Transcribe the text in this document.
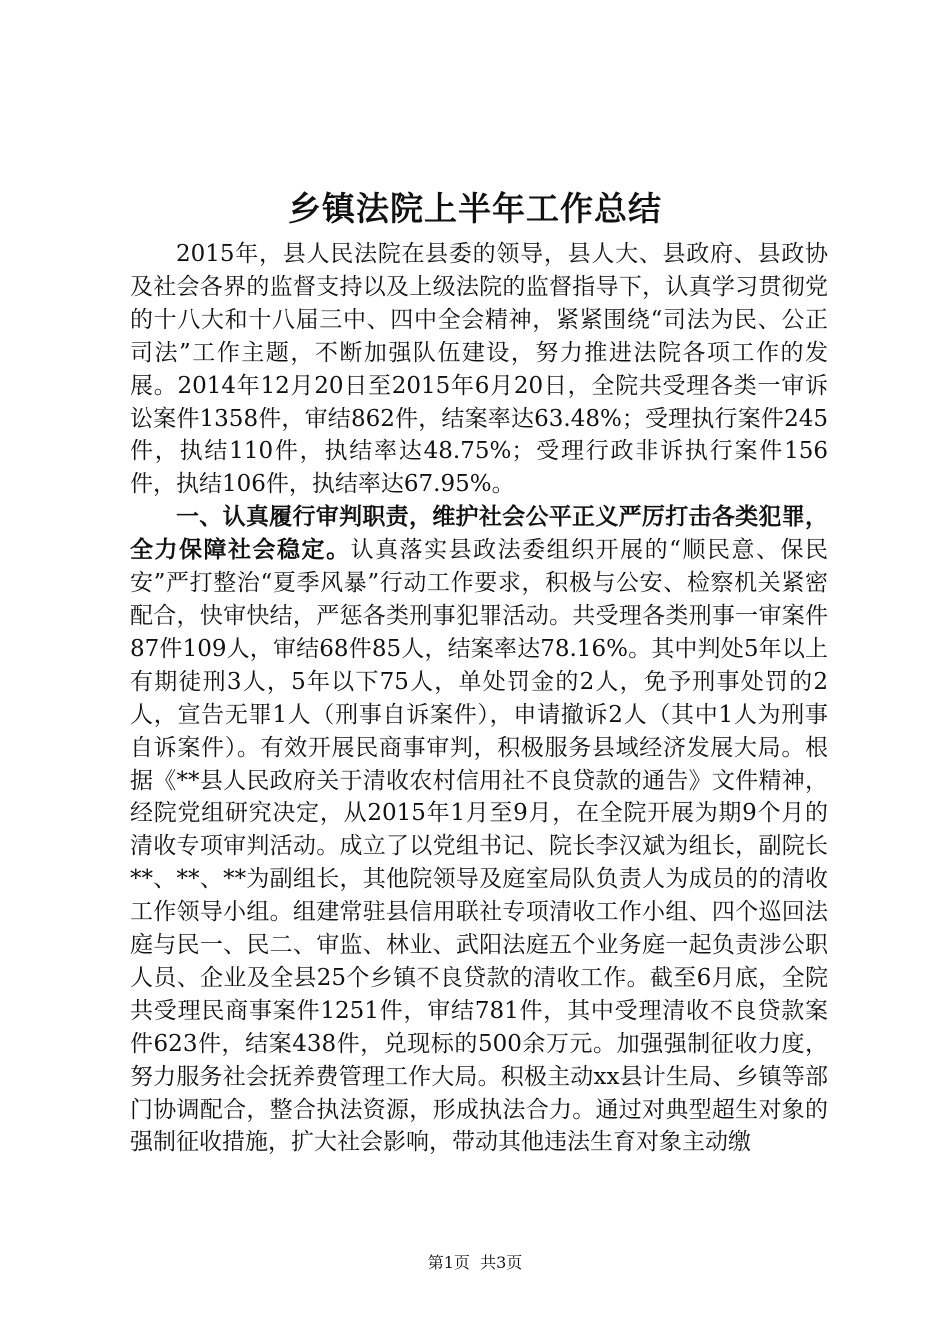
乡镇法院上半年工作总结

2015年，县人民法院在县委的领导，县人大、县政府、县政协及社会各界的监督支持以及上级法院的监督指导下，认真学习贯彻党的十八大和十八届三中、四中全会精神，紧紧围绕“司法为民、公正司法”工作主题，不断加强队伍建设，努力推进法院各项工作的发展。2014年12月20日至2015年6月20日，全院共受理各类一审诉讼案件1358件，审结862件，结案率达63.48%；受理执行案件245件，执结110件，执结率达48.75%；受理行政非诉执行案件156件，执结106件，执结率达67.95%。

一、认真履行审判职责，维护社会公平正义严厉打击各类犯罪，全力保障社会稳定。认真落实县政法委组织开展的“顺民意、保民安”严打整治“夏季风暴”行动工作要求，积极与公安、检察机关紧密配合，快审快结，严惩各类刑事犯罪活动。共受理各类刑事一审案件87件109人，审结68件85人，结案率达78.16%。其中判处5年以上有期徒刑3人，5年以下75人，单处罚金的2人，免予刑事处罚的2人，宣告无罪1人（刑事自诉案件），申请撤诉2人（其中1人为刑事自诉案件）。有效开展民商事审判，积极服务县域经济发展大局。根据《**县人民政府关于清收农村信用社不良贷款的通告》文件精神，经院党组研究决定，从2015年1月至9月，在全院开展为期9个月的清收专项审判活动。成立了以党组书记、院长李汉斌为组长，副院长**、**、**为副组长，其他院领导及庭室局队负责人为成员的的清收工作领导小组。组建常驻县信用联社专项清收工作小组、四个巡回法庭与民一、民二、审监、林业、武阳法庭五个业务庭一起负责涉公职人员、企业及全县25个乡镇不良贷款的清收工作。截至6月底，全院共受理民商事案件1251件，审结781件，其中受理清收不良贷款案件623件，结案438件，兑现标的500余万元。加强强制征收力度，努力服务社会抚养费管理工作大局。积极主动xx县计生局、乡镇等部门协调配合，整合执法资源，形成执法合力。通过对典型超生对象的强制征收措施，扩大社会影响，带动其他违法生育对象主动缴

第1页 共3页
